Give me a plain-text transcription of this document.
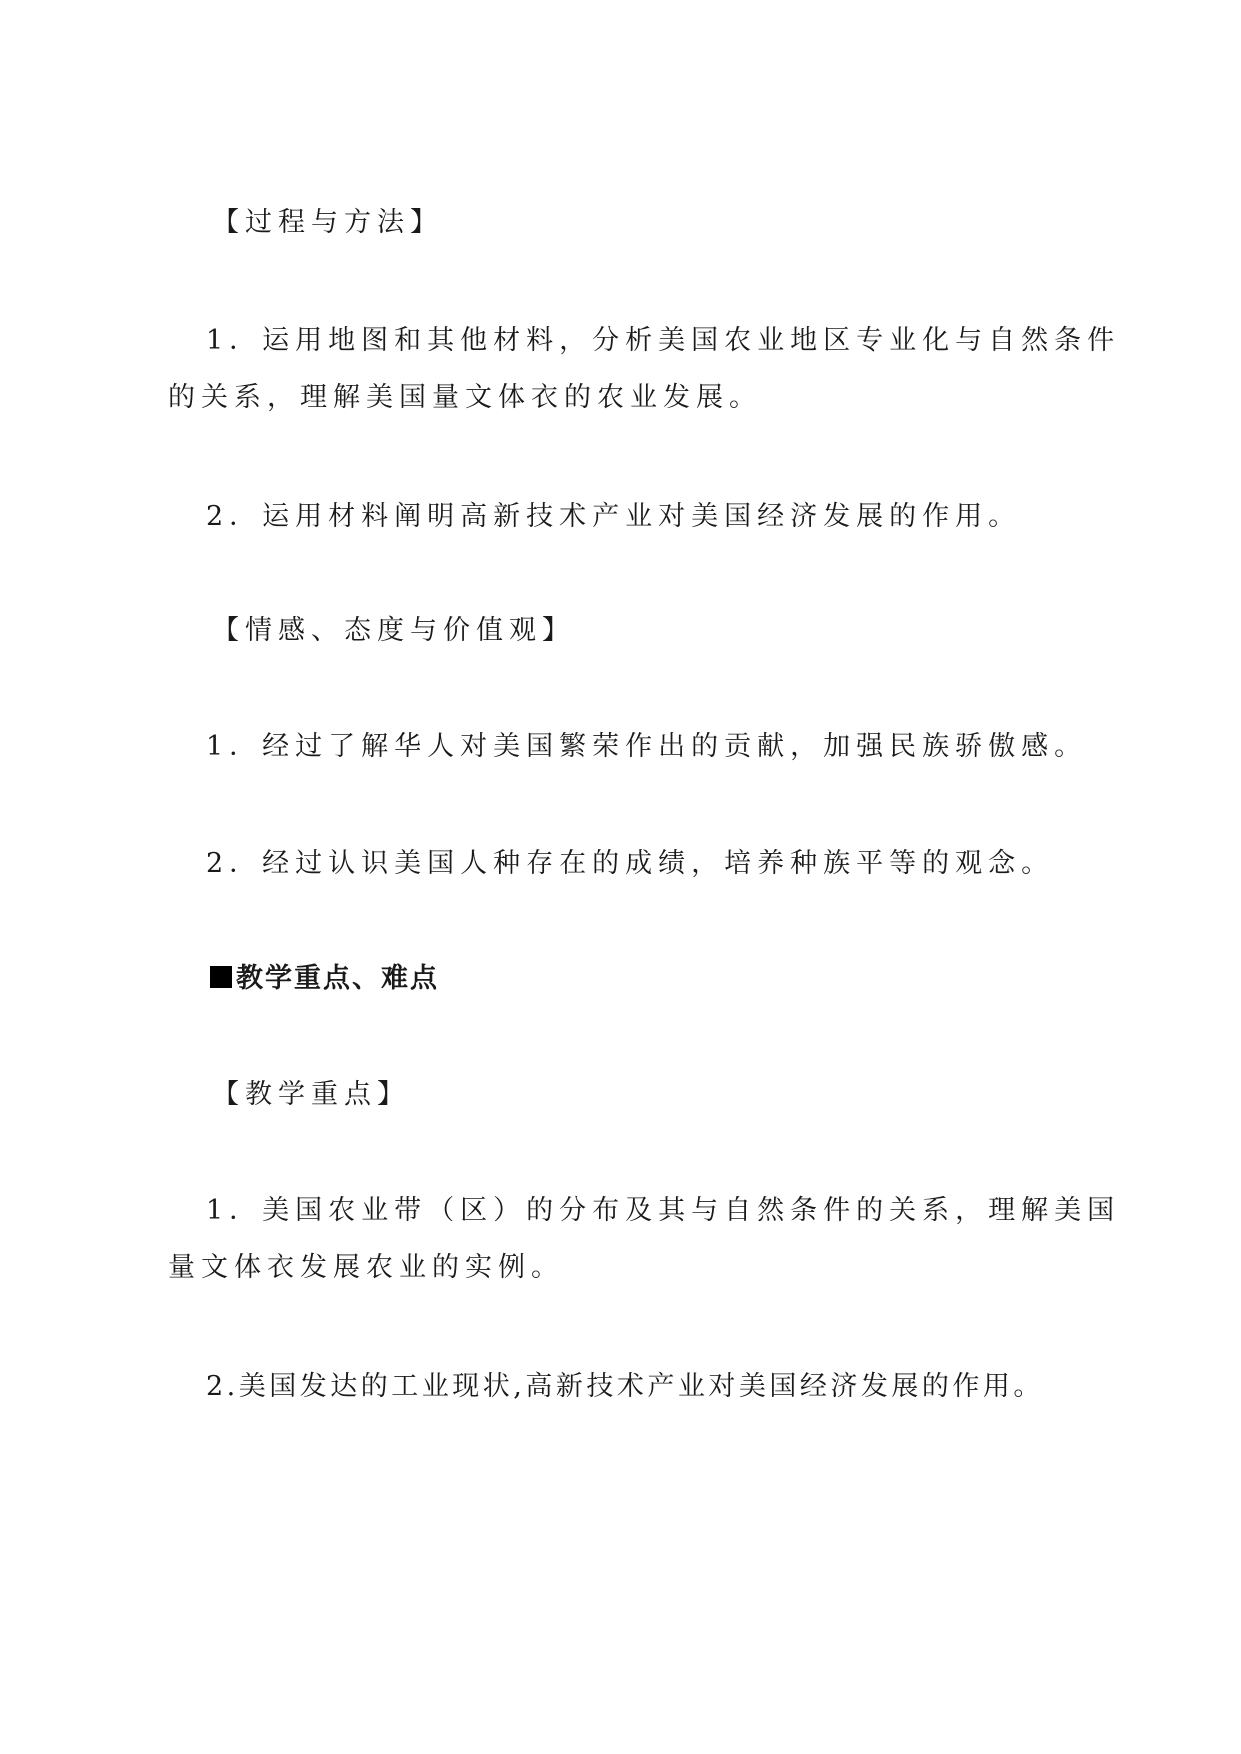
【过程与方法】
1．运用地图和其他材料，分析美国农业地区专业化与自然条件
的关系，理解美国量文体衣的农业发展。
2．运用材料阐明高新技术产业对美国经济发展的作用。
【情感、态度与价值观】
1．经过了解华人对美国繁荣作出的贡献，加强民族骄傲感。
2．经过认识美国人种存在的成绩，培养种族平等的观念。
教学重点、难点
【教学重点】
1．美国农业带（区）的分布及其与自然条件的关系，理解美国
量文体衣发展农业的实例。
2.美国发达的工业现状,高新技术产业对美国经济发展的作用。
